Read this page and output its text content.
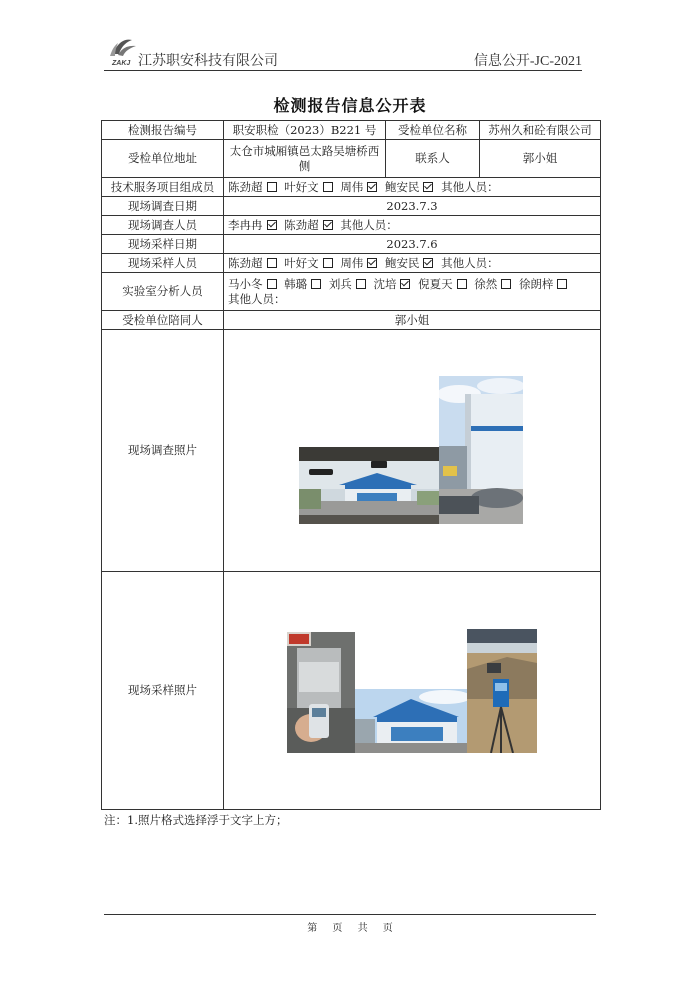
ZAKJ 江苏职安科技有限公司	信息公开-JC-2021
检测报告信息公开表
检测报告编号	职安职检（2023）B221 号	受检单位名称	苏州久和砼有限公司
受检单位地址	太仓市城厢镇邑太路吴塘桥西侧	联系人	郭小姐
技术服务项目组成员	陈劲超 叶好文 周伟 鲍安民 其他人员：		
现场调查日期	2023.7.3		
现场调查人员	李冉冉 陈劲超 其他人员：		
现场采样日期	2023.7.6		
现场采样人员	陈劲超 叶好文 周伟 鲍安民 其他人员：		
实验室分析人员	马小冬 韩璐 刘兵 沈培 倪夏天 徐然 徐朗梓
其他人员：		
受检单位陪同人	郭小姐		
现场调查照片	

现场采样照片	
注：1.照片格式选择浮于文字上方；
第 页 共 页
